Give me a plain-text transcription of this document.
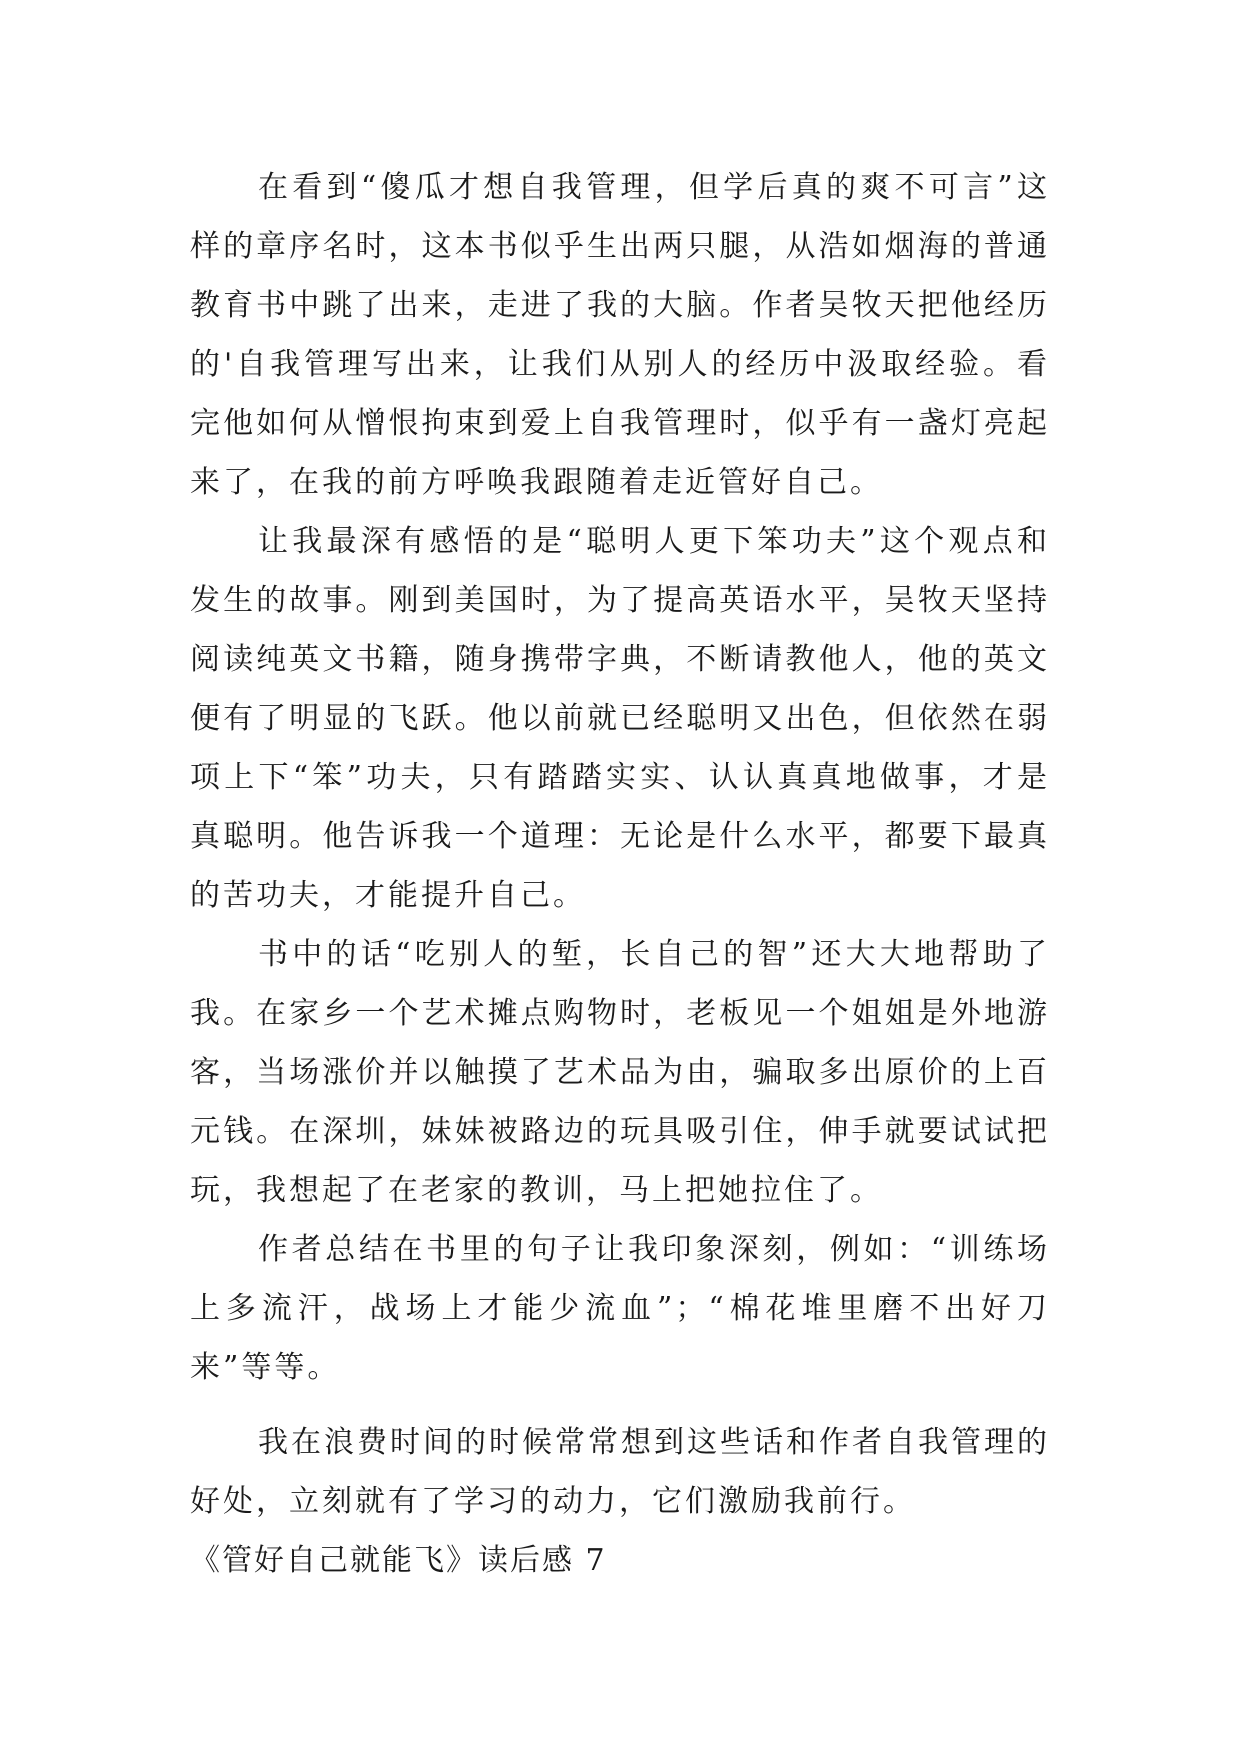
在看到“傻瓜才想自我管理，但学后真的爽不可言”这样的章序名时，这本书似乎生出两只腿，从浩如烟海的普通教育书中跳了出来，走进了我的大脑。作者吴牧天把他经历的'自我管理写出来，让我们从别人的经历中汲取经验。看完他如何从憎恨拘束到爱上自我管理时，似乎有一盏灯亮起来了，在我的前方呼唤我跟随着走近管好自己。

让我最深有感悟的是“聪明人更下笨功夫”这个观点和发生的故事。刚到美国时，为了提高英语水平，吴牧天坚持阅读纯英文书籍，随身携带字典，不断请教他人，他的英文便有了明显的飞跃。他以前就已经聪明又出色，但依然在弱项上下“笨”功夫，只有踏踏实实、认认真真地做事，才是真聪明。他告诉我一个道理：无论是什么水平，都要下最真的苦功夫，才能提升自己。

书中的话“吃别人的堑，长自己的智”还大大地帮助了我。在家乡一个艺术摊点购物时，老板见一个姐姐是外地游客，当场涨价并以触摸了艺术品为由，骗取多出原价的上百元钱。在深圳，妹妹被路边的玩具吸引住，伸手就要试试把玩，我想起了在老家的教训，马上把她拉住了。

作者总结在书里的句子让我印象深刻，例如：“训练场上多流汗，战场上才能少流血”；“棉花堆里磨不出好刀来”等等。

我在浪费时间的时候常常想到这些话和作者自我管理的好处，立刻就有了学习的动力，它们激励我前行。

《管好自己就能飞》读后感 7
